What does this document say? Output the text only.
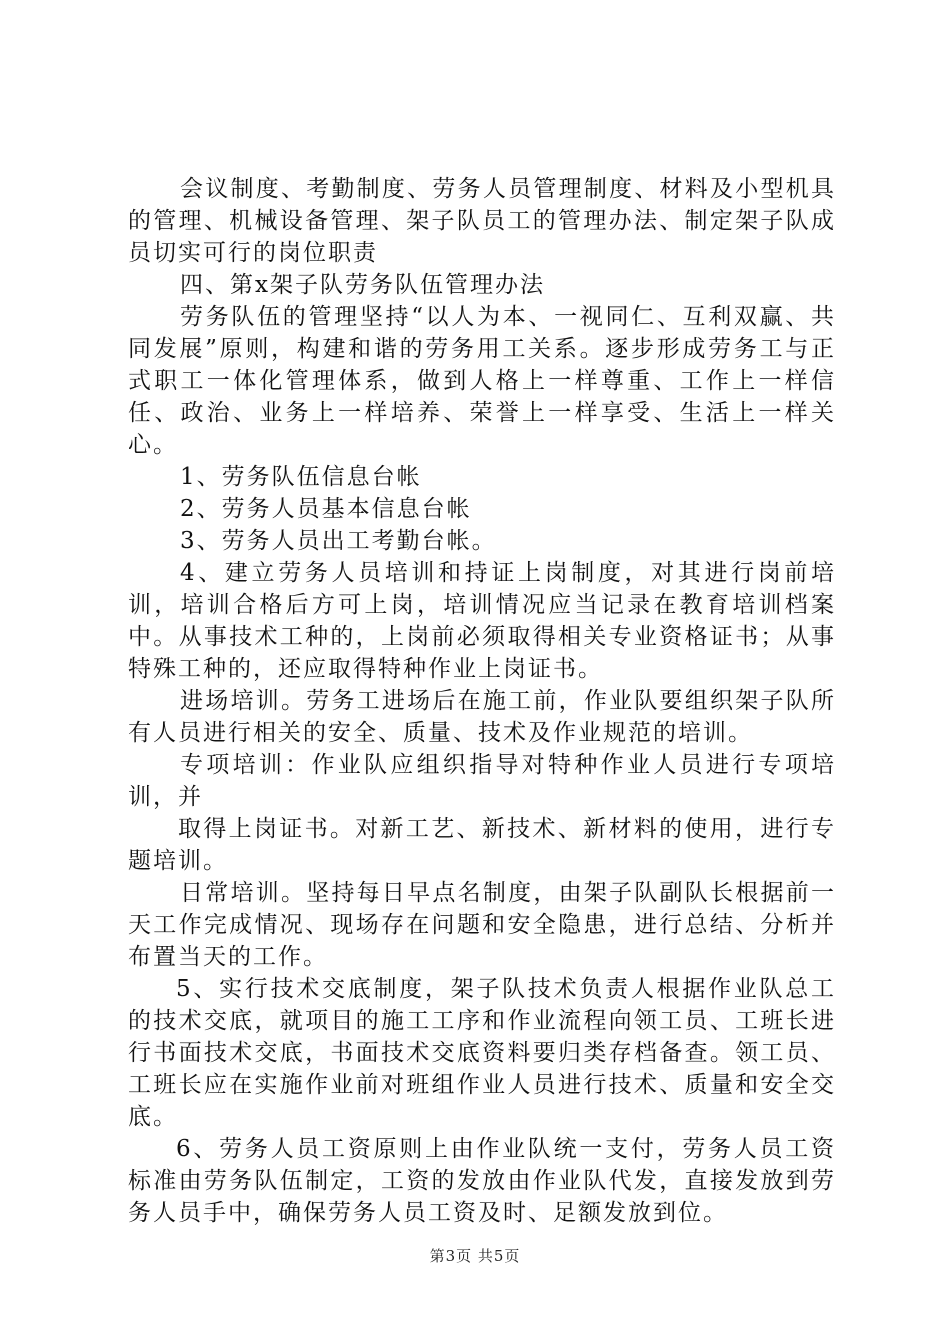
会议制度、考勤制度、劳务人员管理制度、材料及小型机具的管理、机械设备管理、架子队员工的管理办法、制定架子队成员切实可行的岗位职责

四、第x架子队劳务队伍管理办法

劳务队伍的管理坚持“以人为本、一视同仁、互利双赢、共同发展”原则，构建和谐的劳务用工关系。逐步形成劳务工与正式职工一体化管理体系，做到人格上一样尊重、工作上一样信任、政治、业务上一样培养、荣誉上一样享受、生活上一样关心。

1、劳务队伍信息台帐

2、劳务人员基本信息台帐

3、劳务人员出工考勤台帐。

4、建立劳务人员培训和持证上岗制度，对其进行岗前培训，培训合格后方可上岗，培训情况应当记录在教育培训档案中。从事技术工种的，上岗前必须取得相关专业资格证书；从事特殊工种的，还应取得特种作业上岗证书。

进场培训。劳务工进场后在施工前，作业队要组织架子队所有人员进行相关的安全、质量、技术及作业规范的培训。

专项培训：作业队应组织指导对特种作业人员进行专项培训，并

取得上岗证书。对新工艺、新技术、新材料的使用，进行专题培训。

日常培训。坚持每日早点名制度，由架子队副队长根据前一天工作完成情况、现场存在问题和安全隐患，进行总结、分析并布置当天的工作。

5、实行技术交底制度，架子队技术负责人根据作业队总工的技术交底，就项目的施工工序和作业流程向领工员、工班长进行书面技术交底，书面技术交底资料要归类存档备查。领工员、工班长应在实施作业前对班组作业人员进行技术、质量和安全交底。

6、劳务人员工资原则上由作业队统一支付，劳务人员工资标准由劳务队伍制定，工资的发放由作业队代发，直接发放到劳务人员手中，确保劳务人员工资及时、足额发放到位。

第3页 共5页
